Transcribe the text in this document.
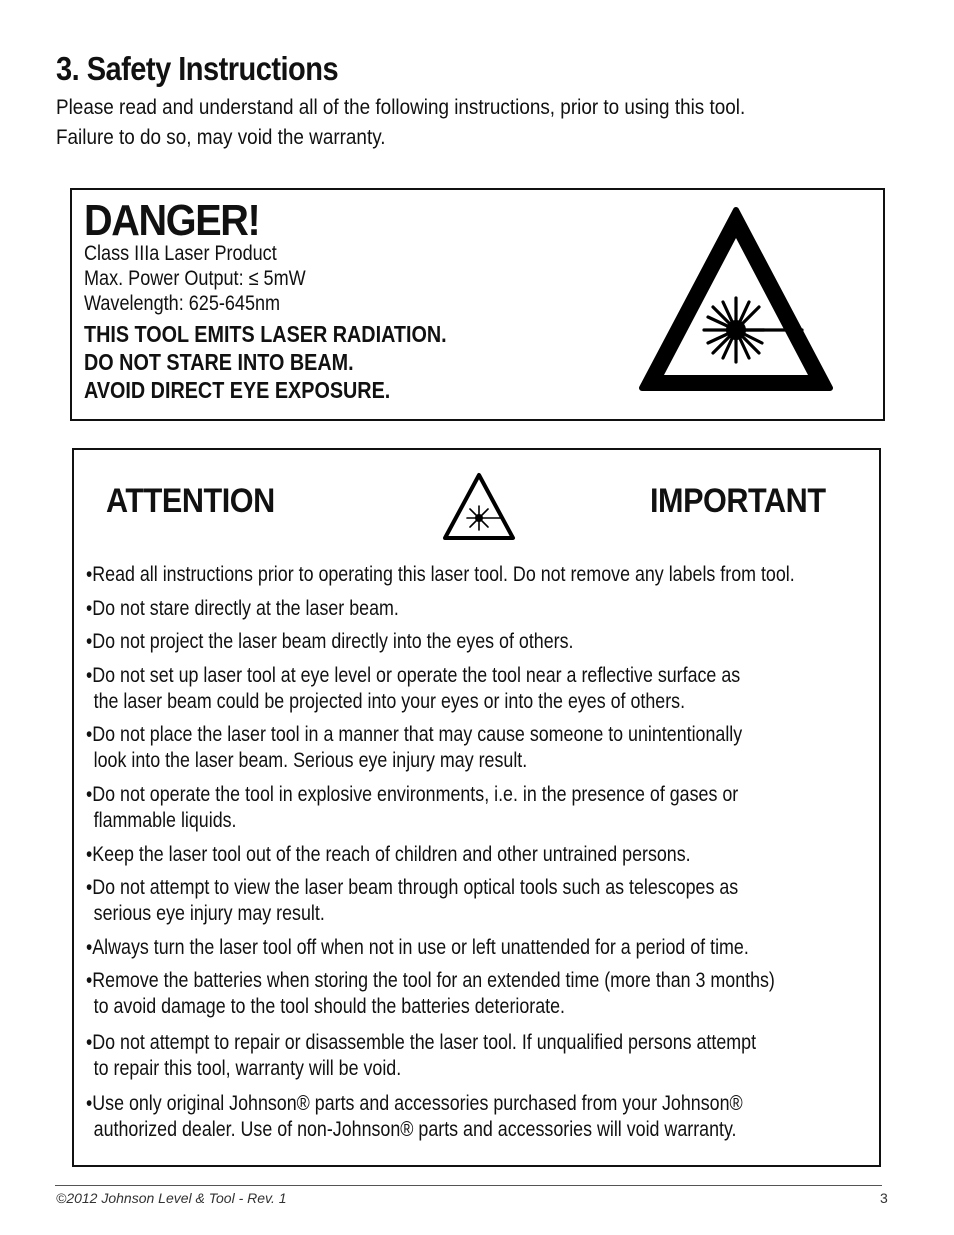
3. Safety Instructions

Please read and understand all of the following instructions, prior to using this tool.

Failure to do so, may void the warranty.

DANGER!
Class IIIa Laser Product
Max. Power Output: ≤ 5mW
Wavelength: 625-645nm
THIS TOOL EMITS LASER RADIATION.
DO NOT STARE INTO BEAM.
AVOID DIRECT EYE EXPOSURE.
ATTENTION	IMPORTANT
•Read all instructions prior to operating this laser tool. Do not remove any labels from tool.
•Do not stare directly at the laser beam.
•Do not project the laser beam directly into the eyes of others.
•Do not set up laser tool at eye level or operate the tool near a reflective surface as
the laser beam could be projected into your eyes or into the eyes of others.
•Do not place the laser tool in a manner that may cause someone to unintentionally
look into the laser beam. Serious eye injury may result.
•Do not operate the tool in explosive environments, i.e. in the presence of gases or
flammable liquids.
•Keep the laser tool out of the reach of children and other untrained persons.
•Do not attempt to view the laser beam through optical tools such as telescopes as
serious eye injury may result.
•Always turn the laser tool off when not in use or left unattended for a period of time.
•Remove the batteries when storing the tool for an extended time (more than 3 months)
to avoid damage to the tool should the batteries deteriorate.
•Do not attempt to repair or disassemble the laser tool. If unqualified persons attempt
to repair this tool, warranty will be void.
•Use only original Johnson® parts and accessories purchased from your Johnson®
authorized dealer. Use of non-Johnson® parts and accessories will void warranty.
©2012 Johnson Level & Tool - Rev. 1	3
